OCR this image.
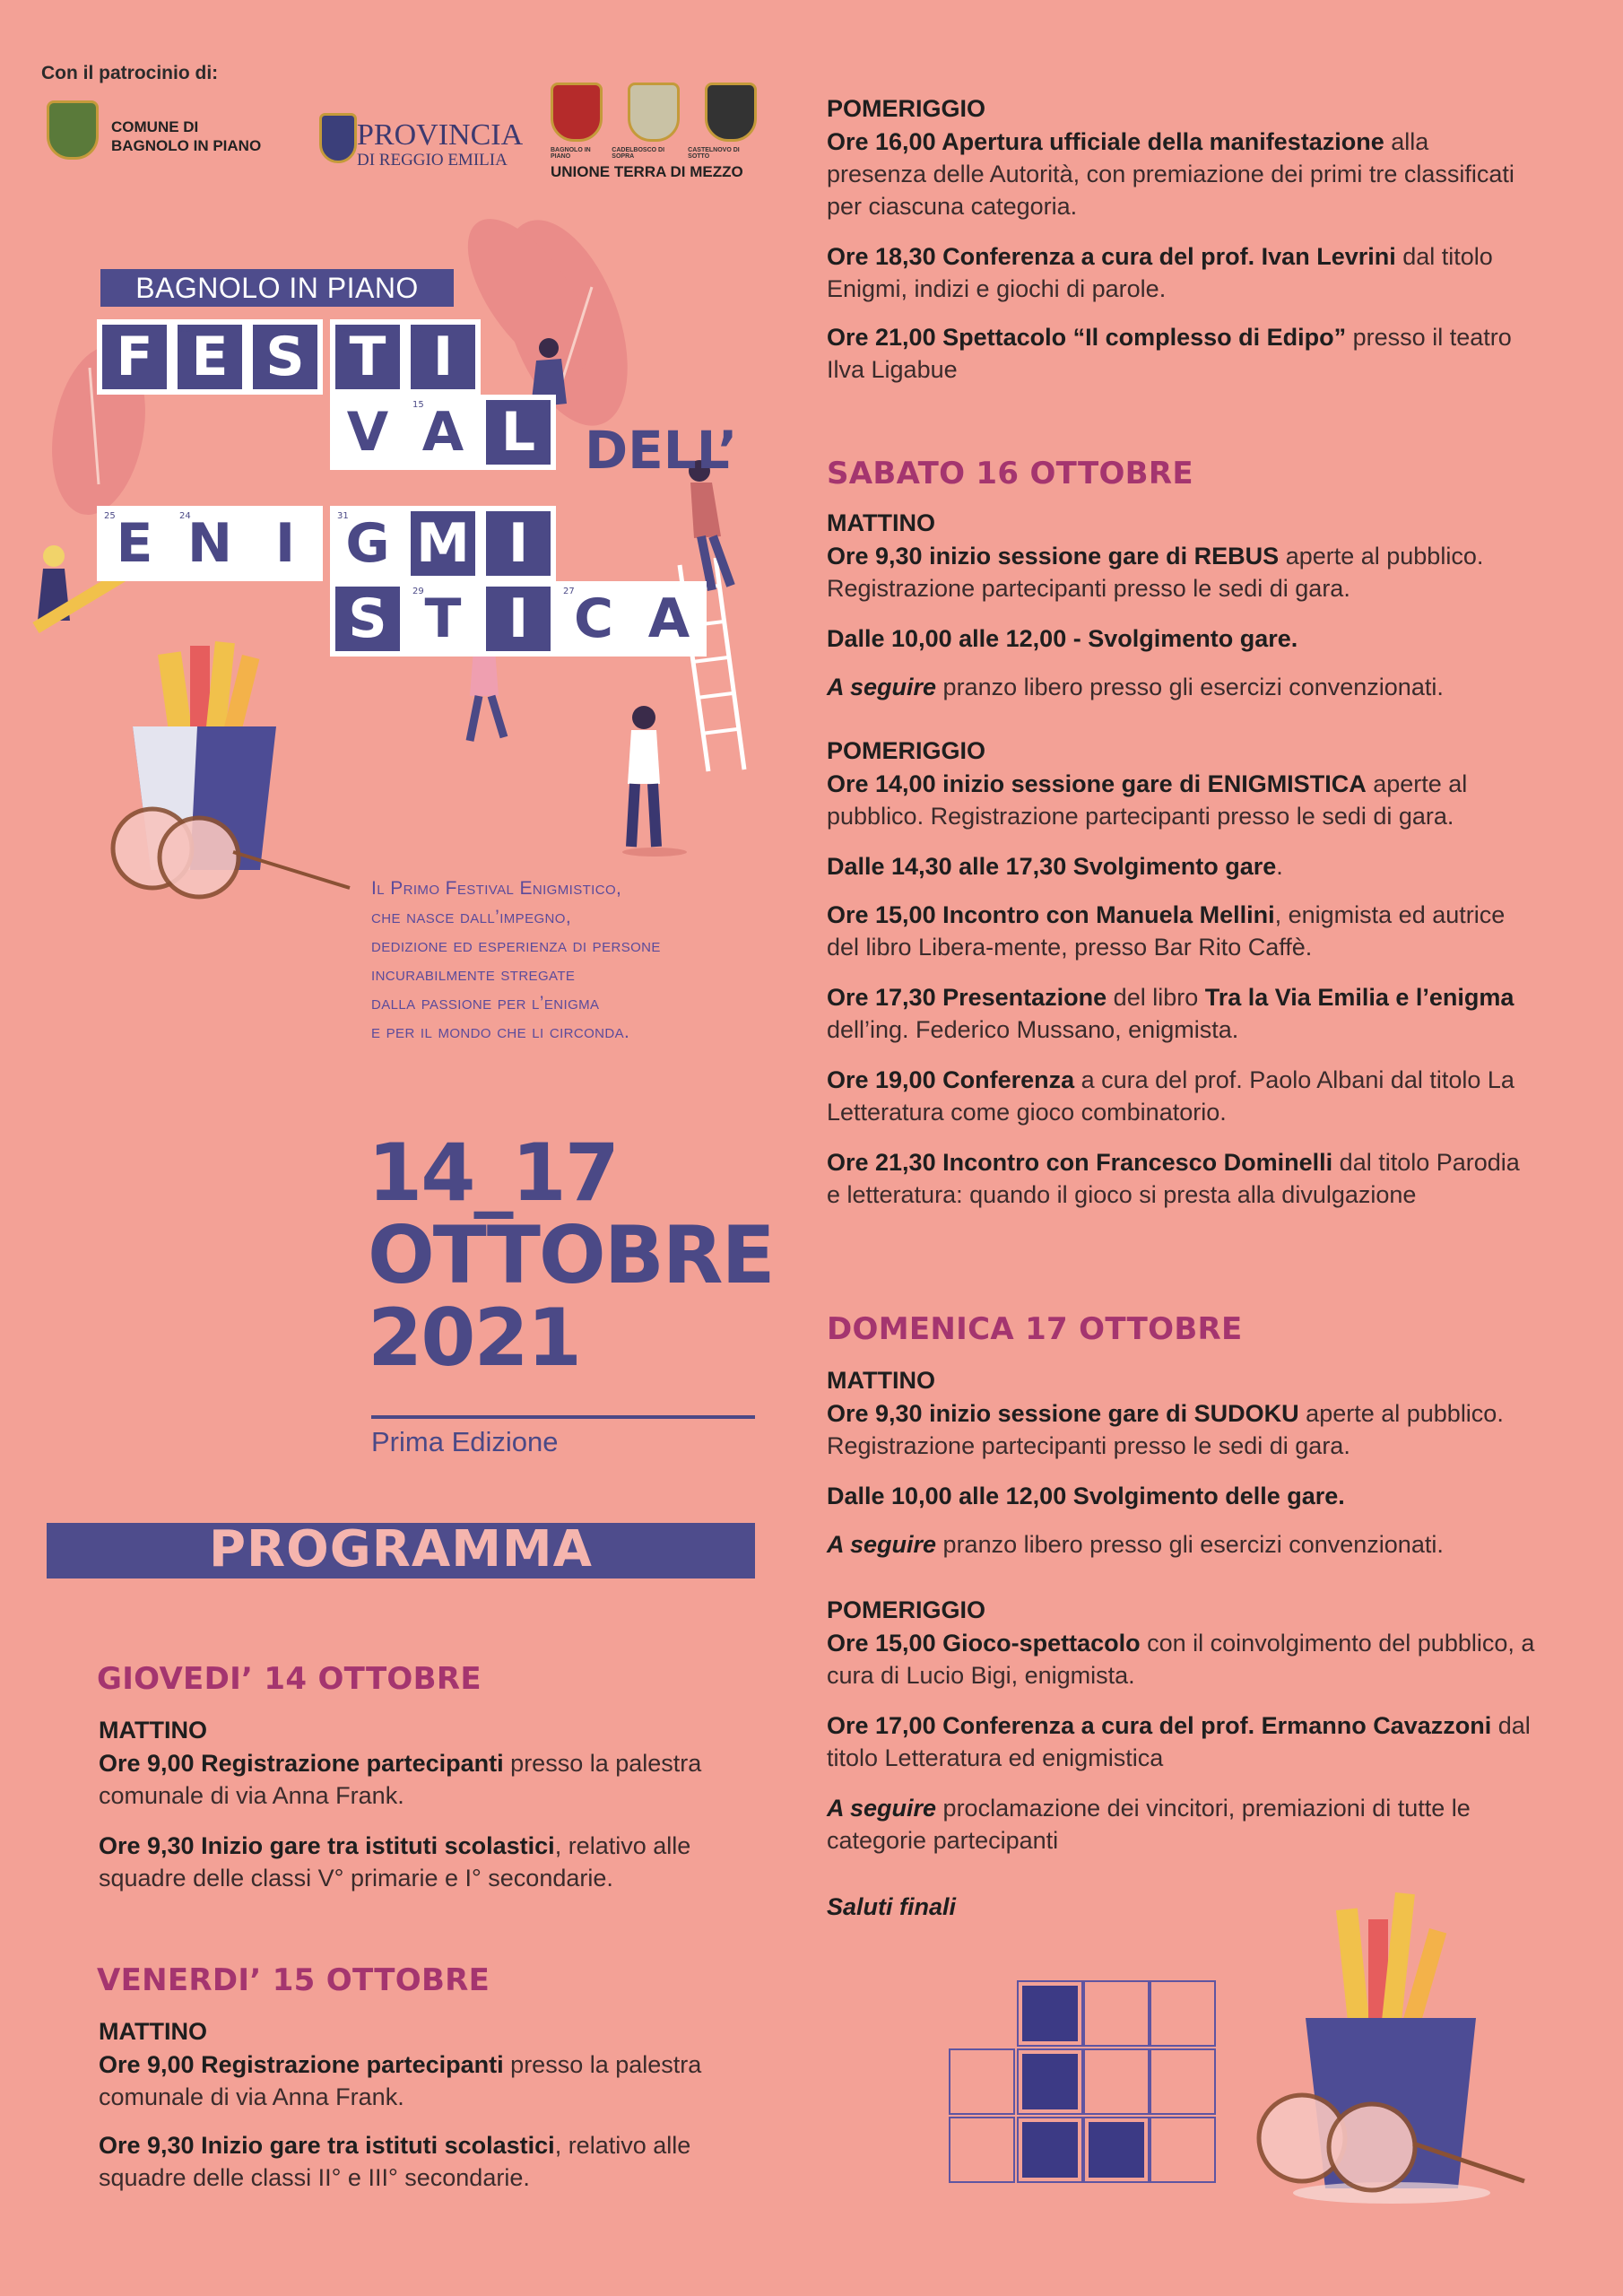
Con il patrocinio di:
COMUNE DI
BAGNOLO IN PIANO	PROVINCIA
DI REGGIO EMILIA
BAGNOLO IN PIANO
CADELBOSCO DI SOPRA
CASTELNOVO DI SOTTO
UNIONE TERRA DI MEZZO
BAGNOLO IN PIANO
F E S T I
V A L DELL’
E N I G M I
S T I C A
13	16	17
15
25	24	31
29	27
Il Primo Festival Enigmistico,
che nasce dall’impegno,
dedizione ed esperienza di persone
incurabilmente stregate
dalla passione per l’enigma
e per il mondo che li circonda.
14_17
OTTOBRE
2021
Prima Edizione
PROGRAMMA
GIOVEDI’ 14 OTTOBRE
MATTINO
Ore 9,00 Registrazione partecipanti presso la palestra comunale di via Anna Frank.
Ore 9,30 Inizio gare tra istituti scolastici, relativo alle squadre delle classi V° primarie e I° secondarie.
VENERDI’ 15 OTTOBRE
MATTINO
Ore 9,00 Registrazione partecipanti presso la palestra comunale di via Anna Frank.
Ore 9,30 Inizio gare tra istituti scolastici, relativo alle squadre delle classi II° e III° secondarie.
POMERIGGIO
Ore 16,00 Apertura ufficiale della manifestazione alla presenza delle Autorità, con premiazione dei primi tre classificati per ciascuna categoria.
Ore 18,30 Conferenza a cura del prof. Ivan Levrini dal titolo Enigmi, indizi e giochi di parole.
Ore 21,00 Spettacolo “Il complesso di Edipo” presso il teatro Ilva Ligabue
SABATO 16 OTTOBRE
MATTINO
Ore 9,30 inizio sessione gare di REBUS aperte al pubblico. Registrazione partecipanti presso le sedi di gara.
Dalle 10,00 alle 12,00 - Svolgimento gare.
A seguire pranzo libero presso gli esercizi convenzionati.
POMERIGGIO
Ore 14,00 inizio sessione gare di ENIGMISTICA aperte al pubblico. Registrazione partecipanti presso le sedi di gara.
Dalle 14,30 alle 17,30 Svolgimento gare.
Ore 15,00 Incontro con Manuela Mellini, enigmista ed autrice del libro Libera-mente, presso Bar Rito Caffè.
Ore 17,30 Presentazione del libro Tra la Via Emilia e l’enigma dell’ing. Federico Mussano, enigmista.
Ore 19,00 Conferenza a cura del prof. Paolo Albani dal titolo La Letteratura come gioco combinatorio.
Ore 21,30 Incontro con Francesco Dominelli dal titolo Parodia e letteratura: quando il gioco si presta alla divulgazione
DOMENICA 17 OTTOBRE
MATTINO
Ore 9,30 inizio sessione gare di SUDOKU aperte al pubblico. Registrazione partecipanti presso le sedi di gara.
Dalle 10,00 alle 12,00 Svolgimento delle gare.
A seguire pranzo libero presso gli esercizi convenzionati.
POMERIGGIO
Ore 15,00 Gioco-spettacolo con il coinvolgimento del pubblico, a cura di Lucio Bigi, enigmista.
Ore 17,00 Conferenza a cura del prof. Ermanno Cavazzoni dal titolo Letteratura ed enigmistica
A seguire proclamazione dei vincitori, premiazioni di tutte le categorie partecipanti
Saluti finali
